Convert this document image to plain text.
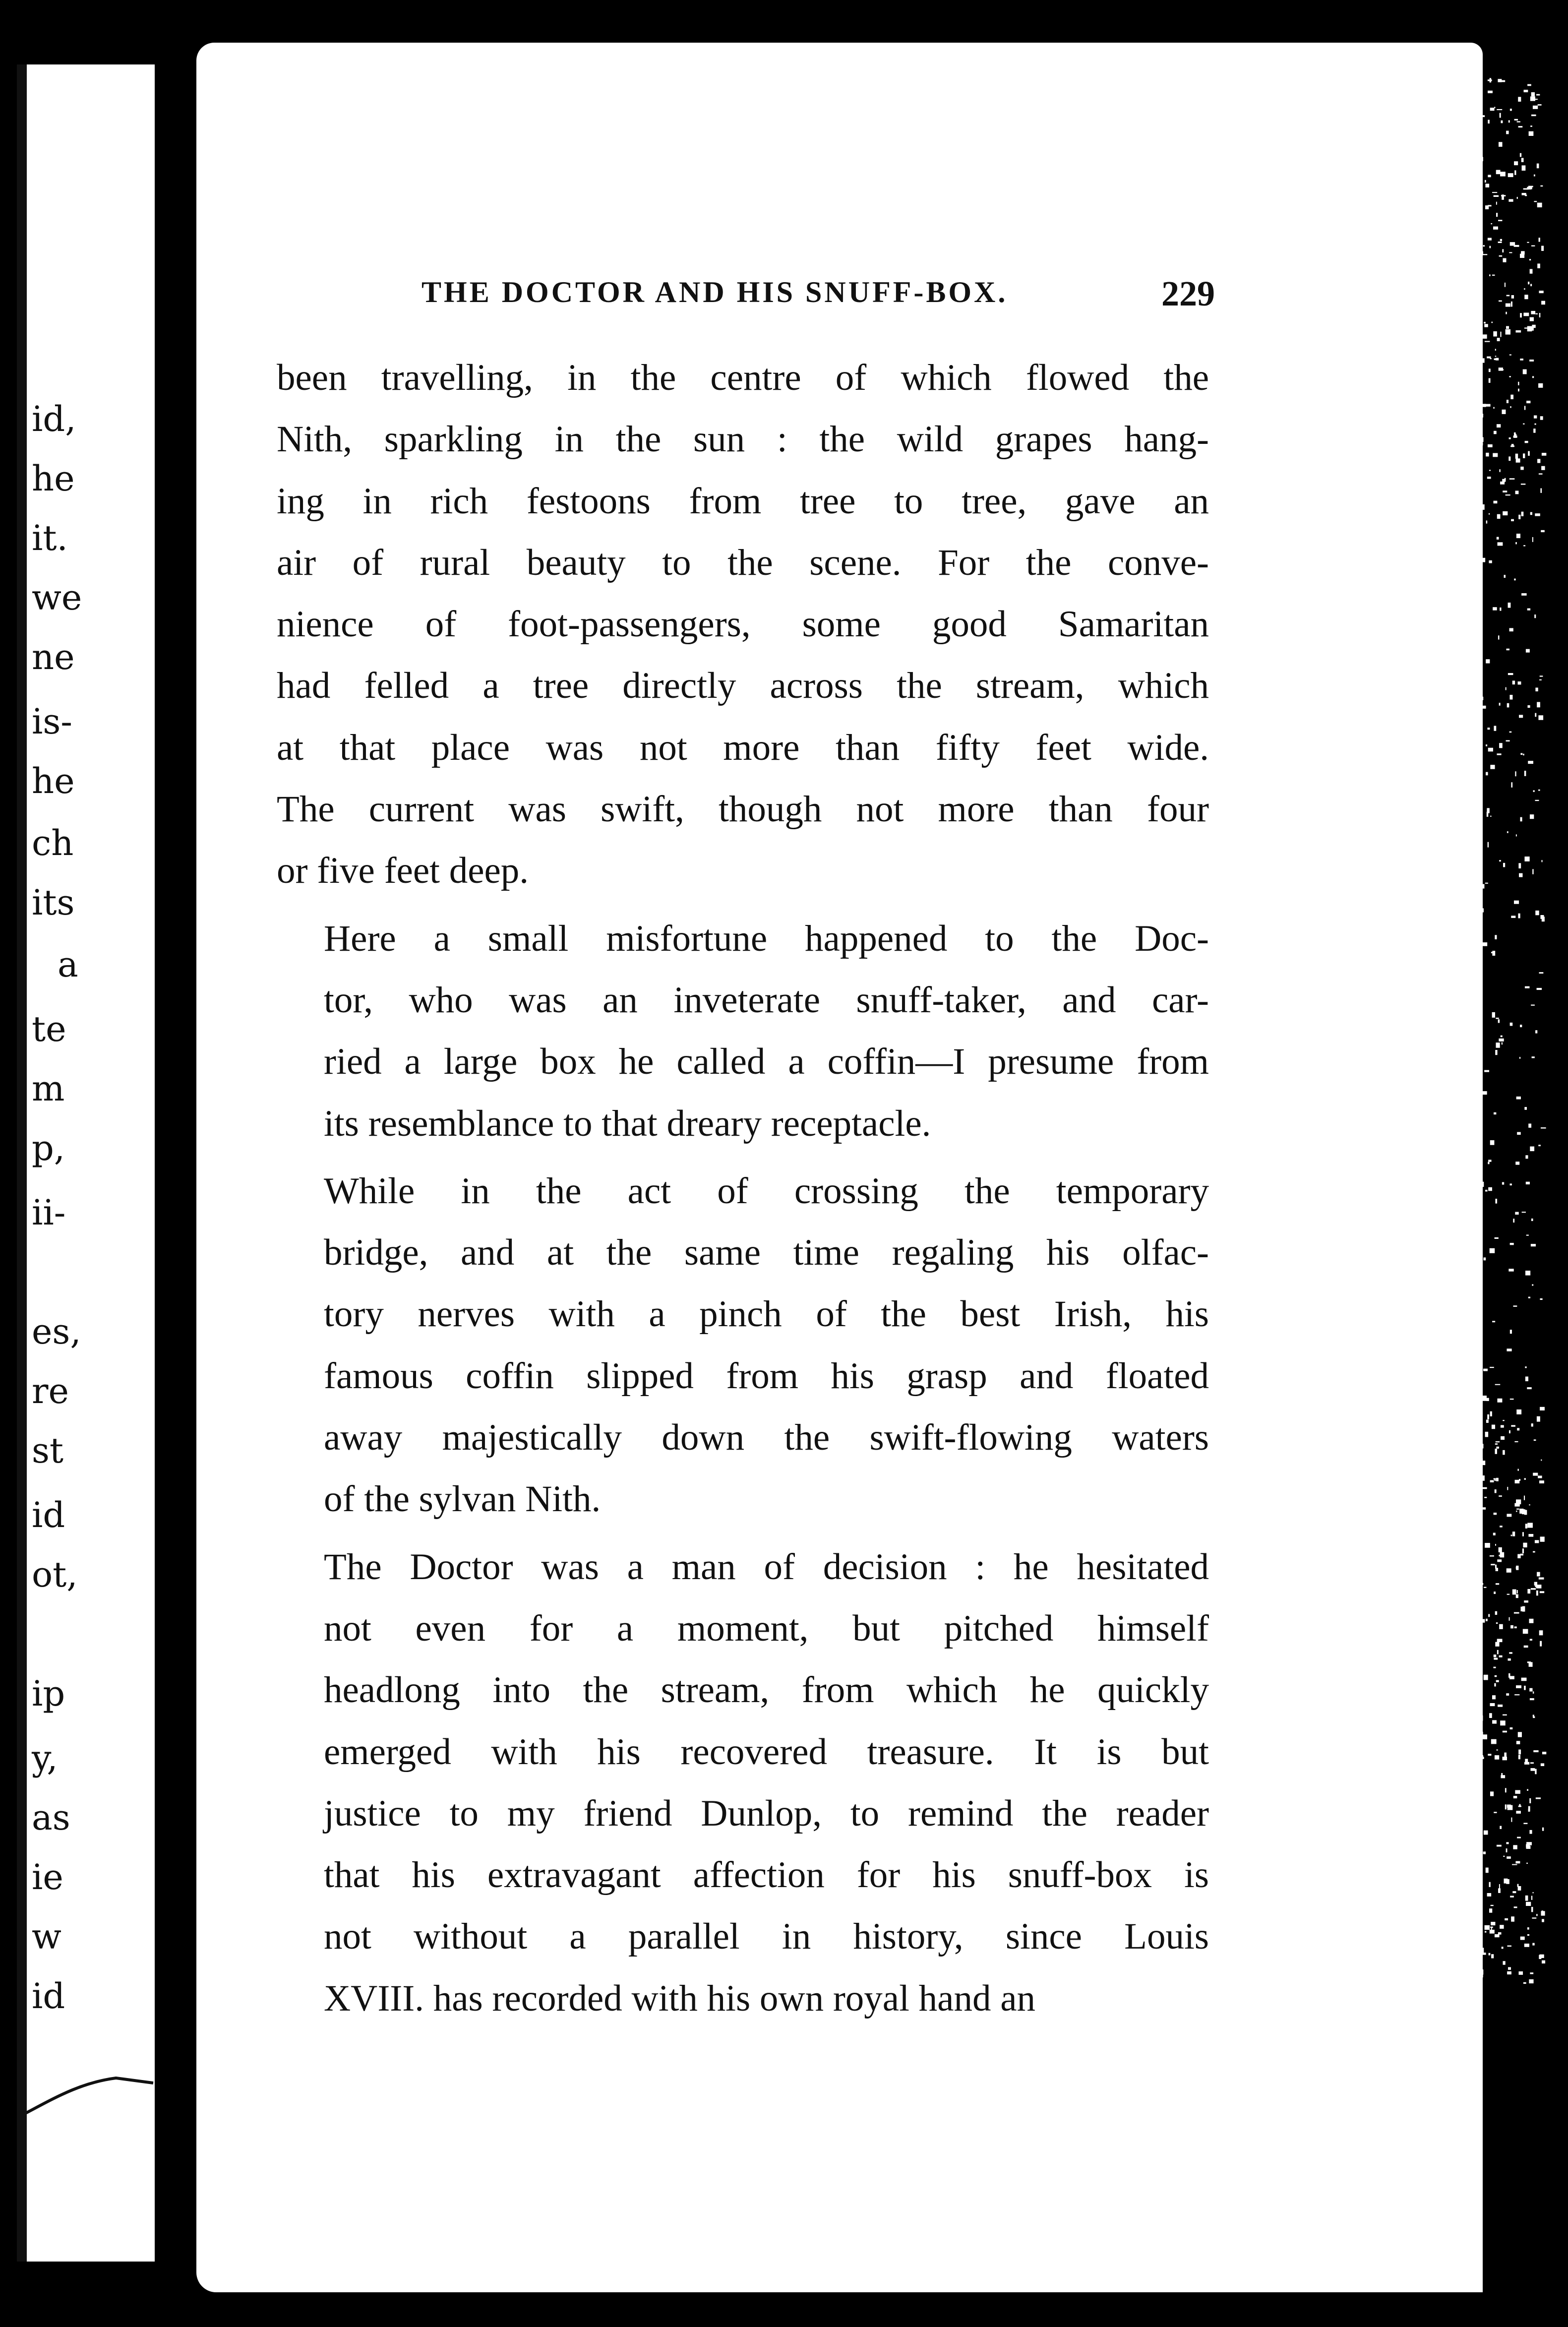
id,
he
it.
we
ne
is-
he
ch
its
a
te
m
p,
ii-
es,
re
st
id
ot,
ip
y,
as
ie
w
id
THE DOCTOR AND HIS SNUFF-BOX.	229

been travelling, in the centre of which flowed the
Nith, sparkling in the sun : the wild grapes hang-
ing in rich festoons from tree to tree, gave an
air of rural beauty to the scene. For the conve-
nience of foot-passengers, some good Samaritan
had felled a tree directly across the stream, which
at that place was not more than fifty feet wide.
The current was swift, though not more than four
or five feet deep.

Here a small misfortune happened to the Doc-
tor, who was an inveterate snuff-taker, and car-
ried a large box he called a coffin—I presume from
its resemblance to that dreary receptacle.

While in the act of crossing the temporary
bridge, and at the same time regaling his olfac-
tory nerves with a pinch of the best Irish, his
famous coffin slipped from his grasp and floated
away majestically down the swift-flowing waters
of the sylvan Nith.

The Doctor was a man of decision : he hesitated
not even for a moment, but pitched himself
headlong into the stream, from which he quickly
emerged with his recovered treasure. It is but
justice to my friend Dunlop, to remind the reader
that his extravagant affection for his snuff-box is
not without a parallel in history, since Louis
XVIII. has recorded with his own royal hand an
